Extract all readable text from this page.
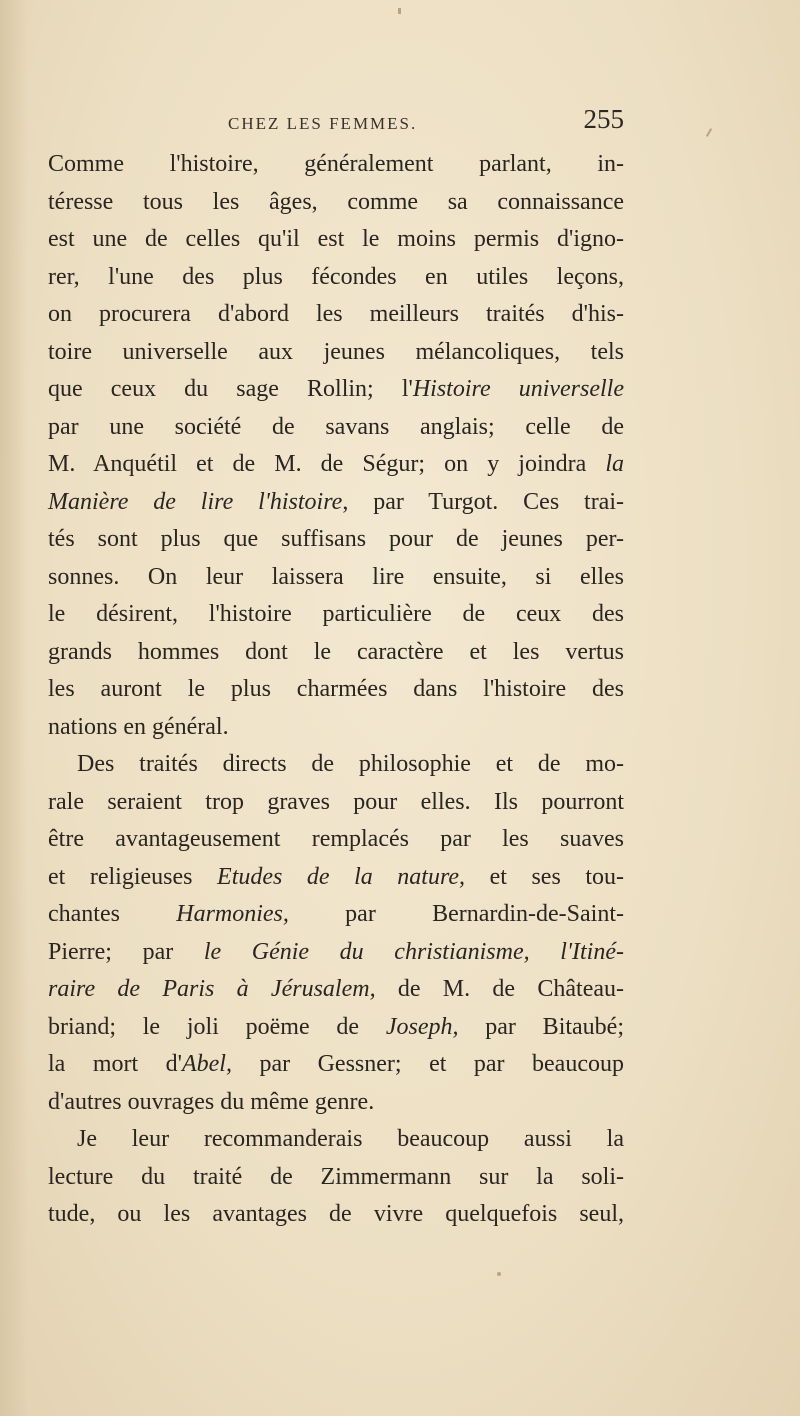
CHEZ LES FEMMES.	255
Comme l'histoire, généralement parlant, in-
téresse tous les âges, comme sa connaissance
est une de celles qu'il est le moins permis d'igno-
rer, l'une des plus fécondes en utiles leçons,
on procurera d'abord les meilleurs traités d'his-
toire universelle aux jeunes mélancoliques, tels
que ceux du sage Rollin; l'Histoire universelle
par une société de savans anglais; celle de
M. Anquétil et de M. de Ségur; on y joindra la
Manière de lire l'histoire, par Turgot. Ces trai-
tés sont plus que suffisans pour de jeunes per-
sonnes. On leur laissera lire ensuite, si elles
le désirent, l'histoire particulière de ceux des
grands hommes dont le caractère et les vertus
les auront le plus charmées dans l'histoire des
nations en général.
Des traités directs de philosophie et de mo-
rale seraient trop graves pour elles. Ils pourront
être avantageusement remplacés par les suaves
et religieuses Etudes de la nature, et ses tou-
chantes Harmonies, par Bernardin-de-Saint-
Pierre; par le Génie du christianisme, l'Itiné-
raire de Paris à Jérusalem, de M. de Château-
briand; le joli poëme de Joseph, par Bitaubé;
la mort d'Abel, par Gessner; et par beaucoup
d'autres ouvrages du même genre.
Je leur recommanderais beaucoup aussi la
lecture du traité de Zimmermann sur la soli-
tude, ou les avantages de vivre quelquefois seul,
